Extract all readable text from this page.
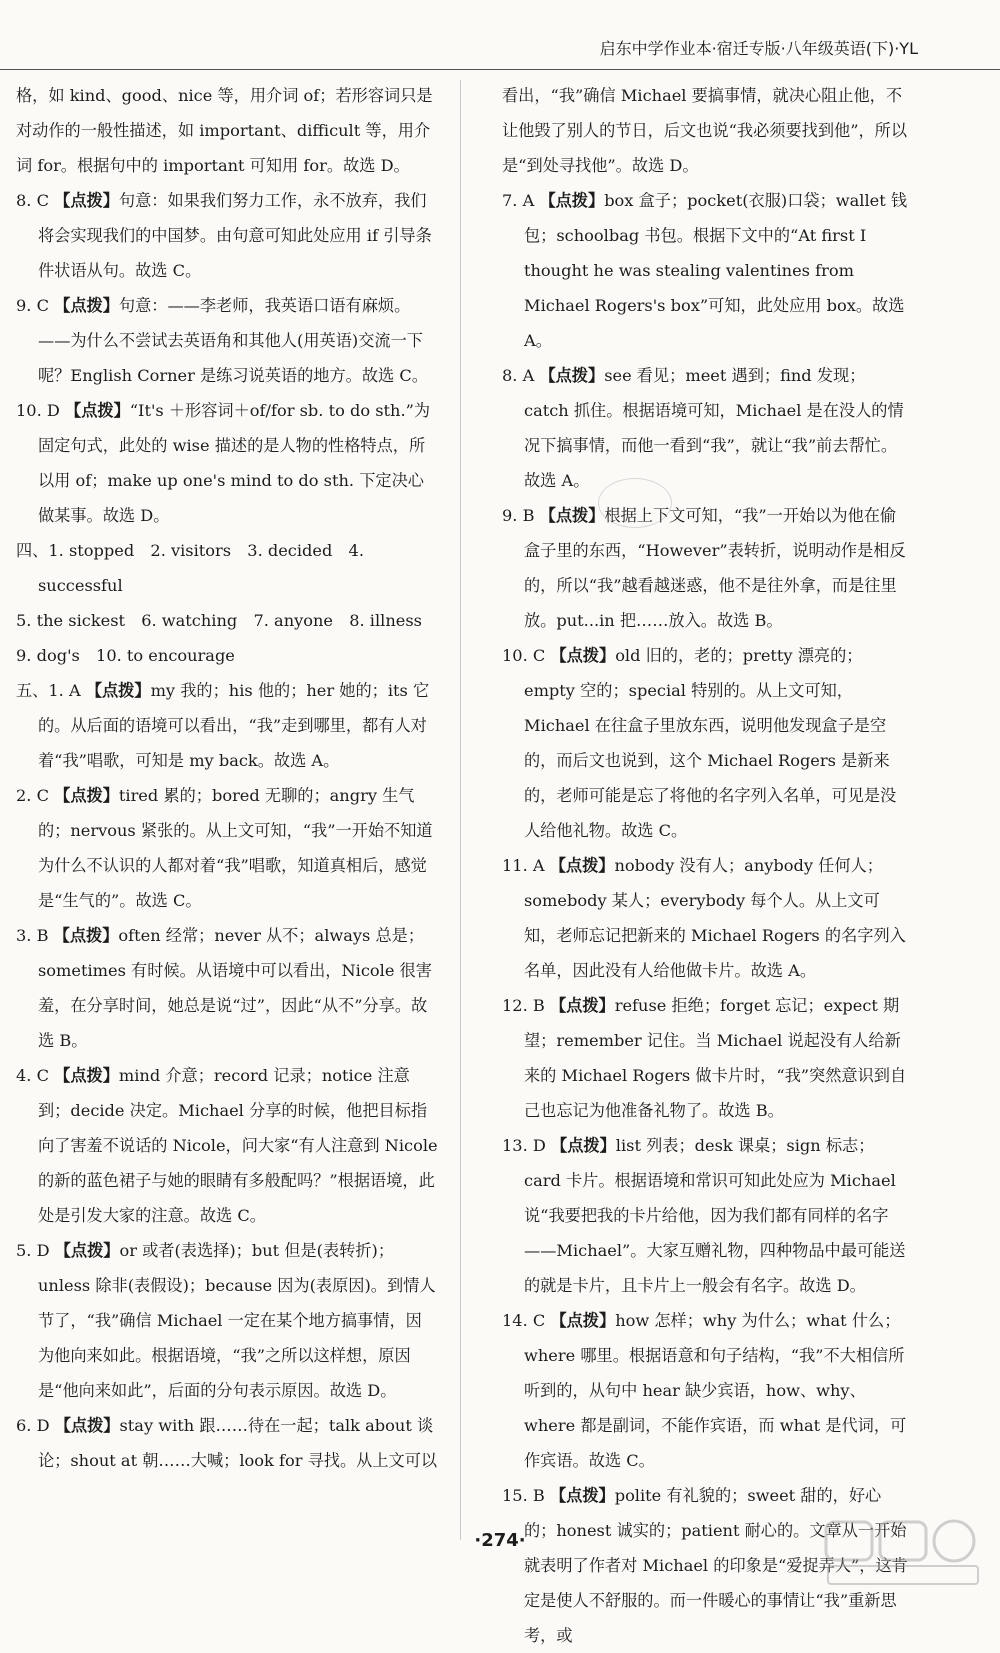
启东中学作业本·宿迁专版·八年级英语(下)·YL
格，如 kind、good、nice 等，用介词 of；若形容词只是对动作的一般性描述，如 important、difficult 等，用介词 for。根据句中的 important 可知用 for。故选 D。
8. C 【点拨】句意：如果我们努力工作，永不放弃，我们将会实现我们的中国梦。由句意可知此处应用 if 引导条件状语从句。故选 C。
9. C 【点拨】句意：——李老师，我英语口语有麻烦。——为什么不尝试去英语角和其他人(用英语)交流一下呢？English Corner 是练习说英语的地方。故选 C。
10. D 【点拨】“It's ＋形容词＋of/for sb. to do sth.”为固定句式，此处的 wise 描述的是人物的性格特点，所以用 of；make up one's mind to do sth. 下定决心做某事。故选 D。
四、1. stopped　2. visitors　3. decided　4. successful
5. the sickest　6. watching　7. anyone　8. illness
9. dog's　10. to encourage
五、1. A 【点拨】my 我的；his 他的；her 她的；its 它的。从后面的语境可以看出，“我”走到哪里，都有人对着“我”唱歌，可知是 my back。故选 A。
2. C 【点拨】tired 累的；bored 无聊的；angry 生气的；nervous 紧张的。从上文可知，“我”一开始不知道为什么不认识的人都对着“我”唱歌，知道真相后，感觉是“生气的”。故选 C。
3. B 【点拨】often 经常；never 从不；always 总是；sometimes 有时候。从语境中可以看出，Nicole 很害羞，在分享时间，她总是说“过”，因此“从不”分享。故选 B。
4. C 【点拨】mind 介意；record 记录；notice 注意到；decide 决定。Michael 分享的时候，他把目标指向了害羞不说话的 Nicole，问大家“有人注意到 Nicole 的新的蓝色裙子与她的眼睛有多般配吗？”根据语境，此处是引发大家的注意。故选 C。
5. D 【点拨】or 或者(表选择)；but 但是(表转折)；unless 除非(表假设)；because 因为(表原因)。到情人节了，“我”确信 Michael 一定在某个地方搞事情，因为他向来如此。根据语境，“我”之所以这样想，原因是“他向来如此”，后面的分句表示原因。故选 D。
6. D 【点拨】stay with 跟……待在一起；talk about 谈论；shout at 朝……大喊；look for 寻找。从上文可以
看出，“我”确信 Michael 要搞事情，就决心阻止他，不让他毁了别人的节日，后文也说“我必须要找到他”，所以是“到处寻找他”。故选 D。
7. A 【点拨】box 盒子；pocket(衣服)口袋；wallet 钱包；schoolbag 书包。根据下文中的“At first I thought he was stealing valentines from Michael Rogers's box”可知，此处应用 box。故选 A。
8. A 【点拨】see 看见；meet 遇到；find 发现；catch 抓住。根据语境可知，Michael 是在没人的情况下搞事情，而他一看到“我”，就让“我”前去帮忙。故选 A。
9. B 【点拨】根据上下文可知，“我”一开始以为他在偷盒子里的东西，“However”表转折，说明动作是相反的，所以“我”越看越迷惑，他不是往外拿，而是往里放。put...in 把……放入。故选 B。
10. C 【点拨】old 旧的，老的；pretty 漂亮的；empty 空的；special 特别的。从上文可知，Michael 在往盒子里放东西，说明他发现盒子是空的，而后文也说到，这个 Michael Rogers 是新来的，老师可能是忘了将他的名字列入名单，可见是没人给他礼物。故选 C。
11. A 【点拨】nobody 没有人；anybody 任何人；somebody 某人；everybody 每个人。从上文可知，老师忘记把新来的 Michael Rogers 的名字列入名单，因此没有人给他做卡片。故选 A。
12. B 【点拨】refuse 拒绝；forget 忘记；expect 期望；remember 记住。当 Michael 说起没有人给新来的 Michael Rogers 做卡片时，“我”突然意识到自己也忘记为他准备礼物了。故选 B。
13. D 【点拨】list 列表；desk 课桌；sign 标志；card 卡片。根据语境和常识可知此处应为 Michael 说“我要把我的卡片给他，因为我们都有同样的名字——Michael”。大家互赠礼物，四种物品中最可能送的就是卡片，且卡片上一般会有名字。故选 D。
14. C 【点拨】how 怎样；why 为什么；what 什么；where 哪里。根据语意和句子结构，“我”不大相信所听到的，从句中 hear 缺少宾语，how、why、where 都是副词，不能作宾语，而 what 是代词，可作宾语。故选 C。
15. B 【点拨】polite 有礼貌的；sweet 甜的，好心的；honest 诚实的；patient 耐心的。文章从一开始就表明了作者对 Michael 的印象是“爱捉弄人”，这肯定是使人不舒服的。而一件暖心的事情让“我”重新思考，或
·274·
